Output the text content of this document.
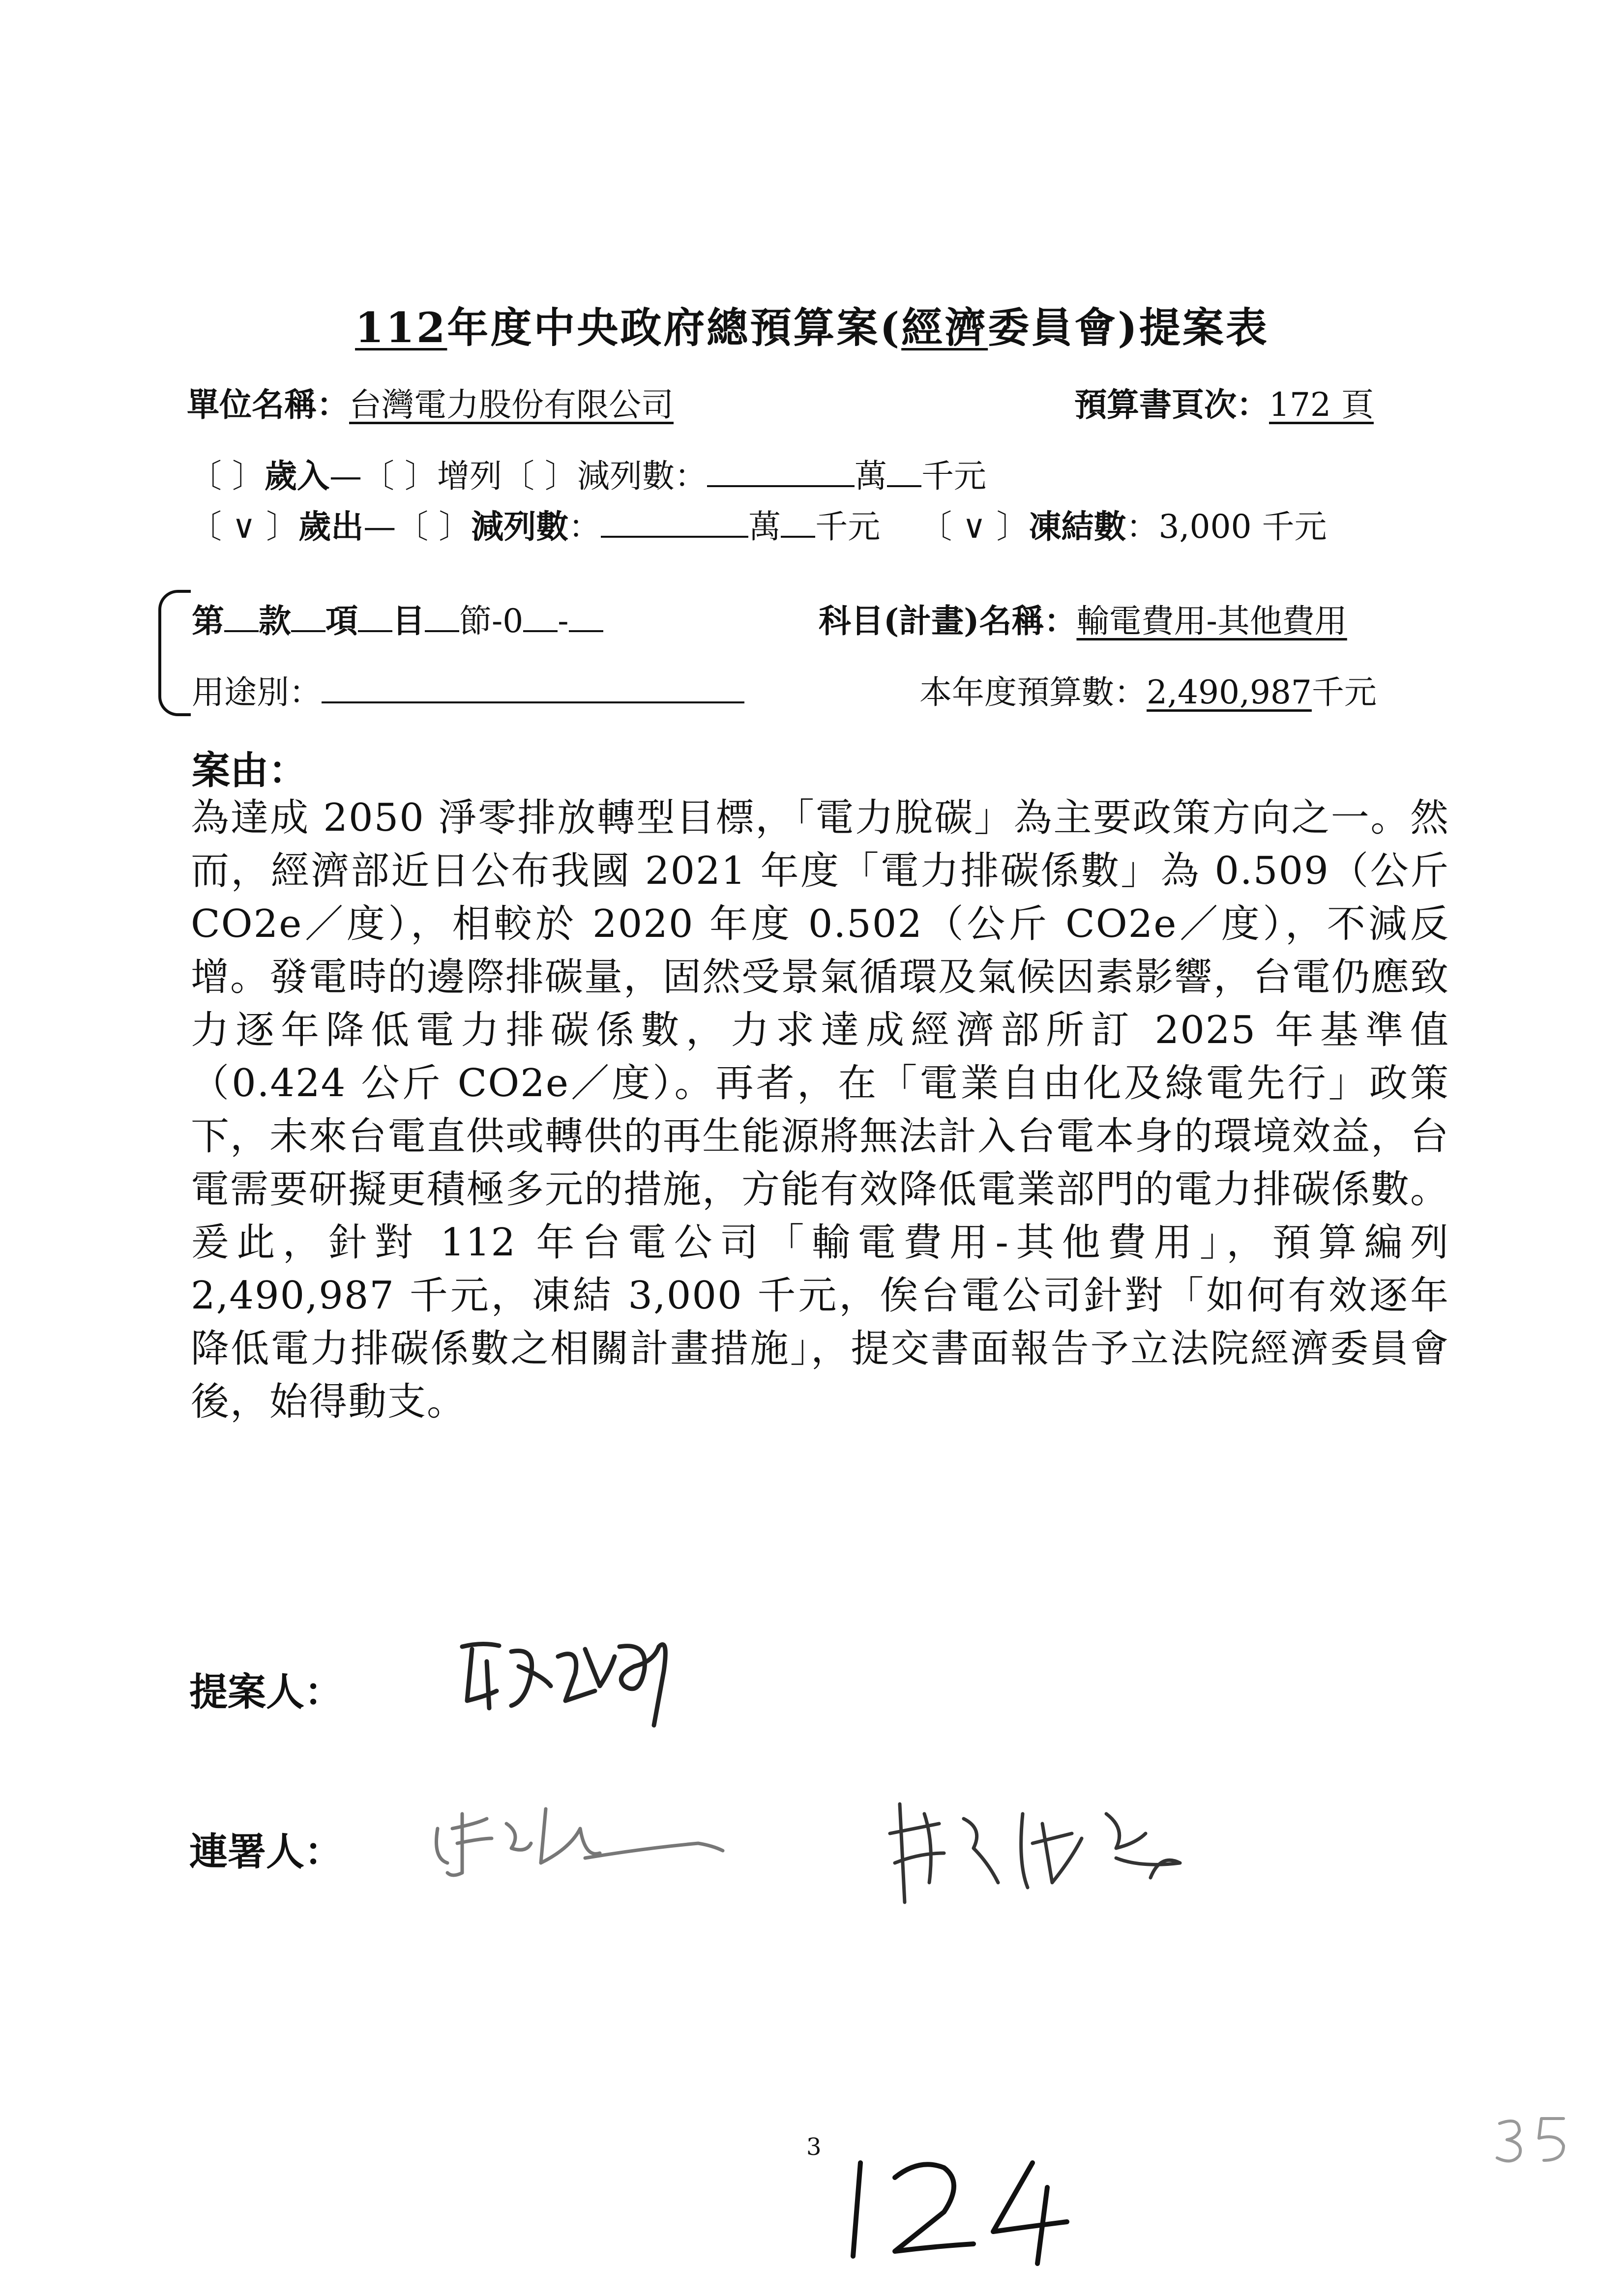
112年度中央政府總預算案(經濟委員會)提案表
單位名稱：台灣電力股份有限公司	預算書頁次：172 頁
〔 〕歲入—〔 〕增列〔 〕減列數：	萬 千元
〔 ∨ 〕歲出—〔 〕減列數：	萬 千元 〔 ∨ 〕凍結數：3,000 千元
第 款 項 目 節-0 -	科目(計畫)名稱：輸電費用-其他費用
用途別：	本年度預算數：2,490,987千元
案由：

為達成 2050 淨零排放轉型目標，「電力脫碳」為主要政策方向之一。然而，經濟部近日公布我國 2021 年度「電力排碳係數」為 0.509（公斤 CO2e／度），相較於 2020 年度 0.502（公斤 CO2e／度），不減反增。發電時的邊際排碳量，固然受景氣循環及氣候因素影響，台電仍應致力逐年降低電力排碳係數，力求達成經濟部所訂 2025 年基準值（0.424 公斤 CO2e／度）。再者，在「電業自由化及綠電先行」政策下，未來台電直供或轉供的再生能源將無法計入台電本身的環境效益，台電需要研擬更積極多元的措施，方能有效降低電業部門的電力排碳係數。

爰此，針對 112 年台電公司「輸電費用-其他費用」，預算編列 2,490,987 千元，凍結 3,000 千元，俟台電公司針對「如何有效逐年降低電力排碳係數之相關計畫措施」，提交書面報告予立法院經濟委員會後，始得動支。

提案人：
連署人：
3
